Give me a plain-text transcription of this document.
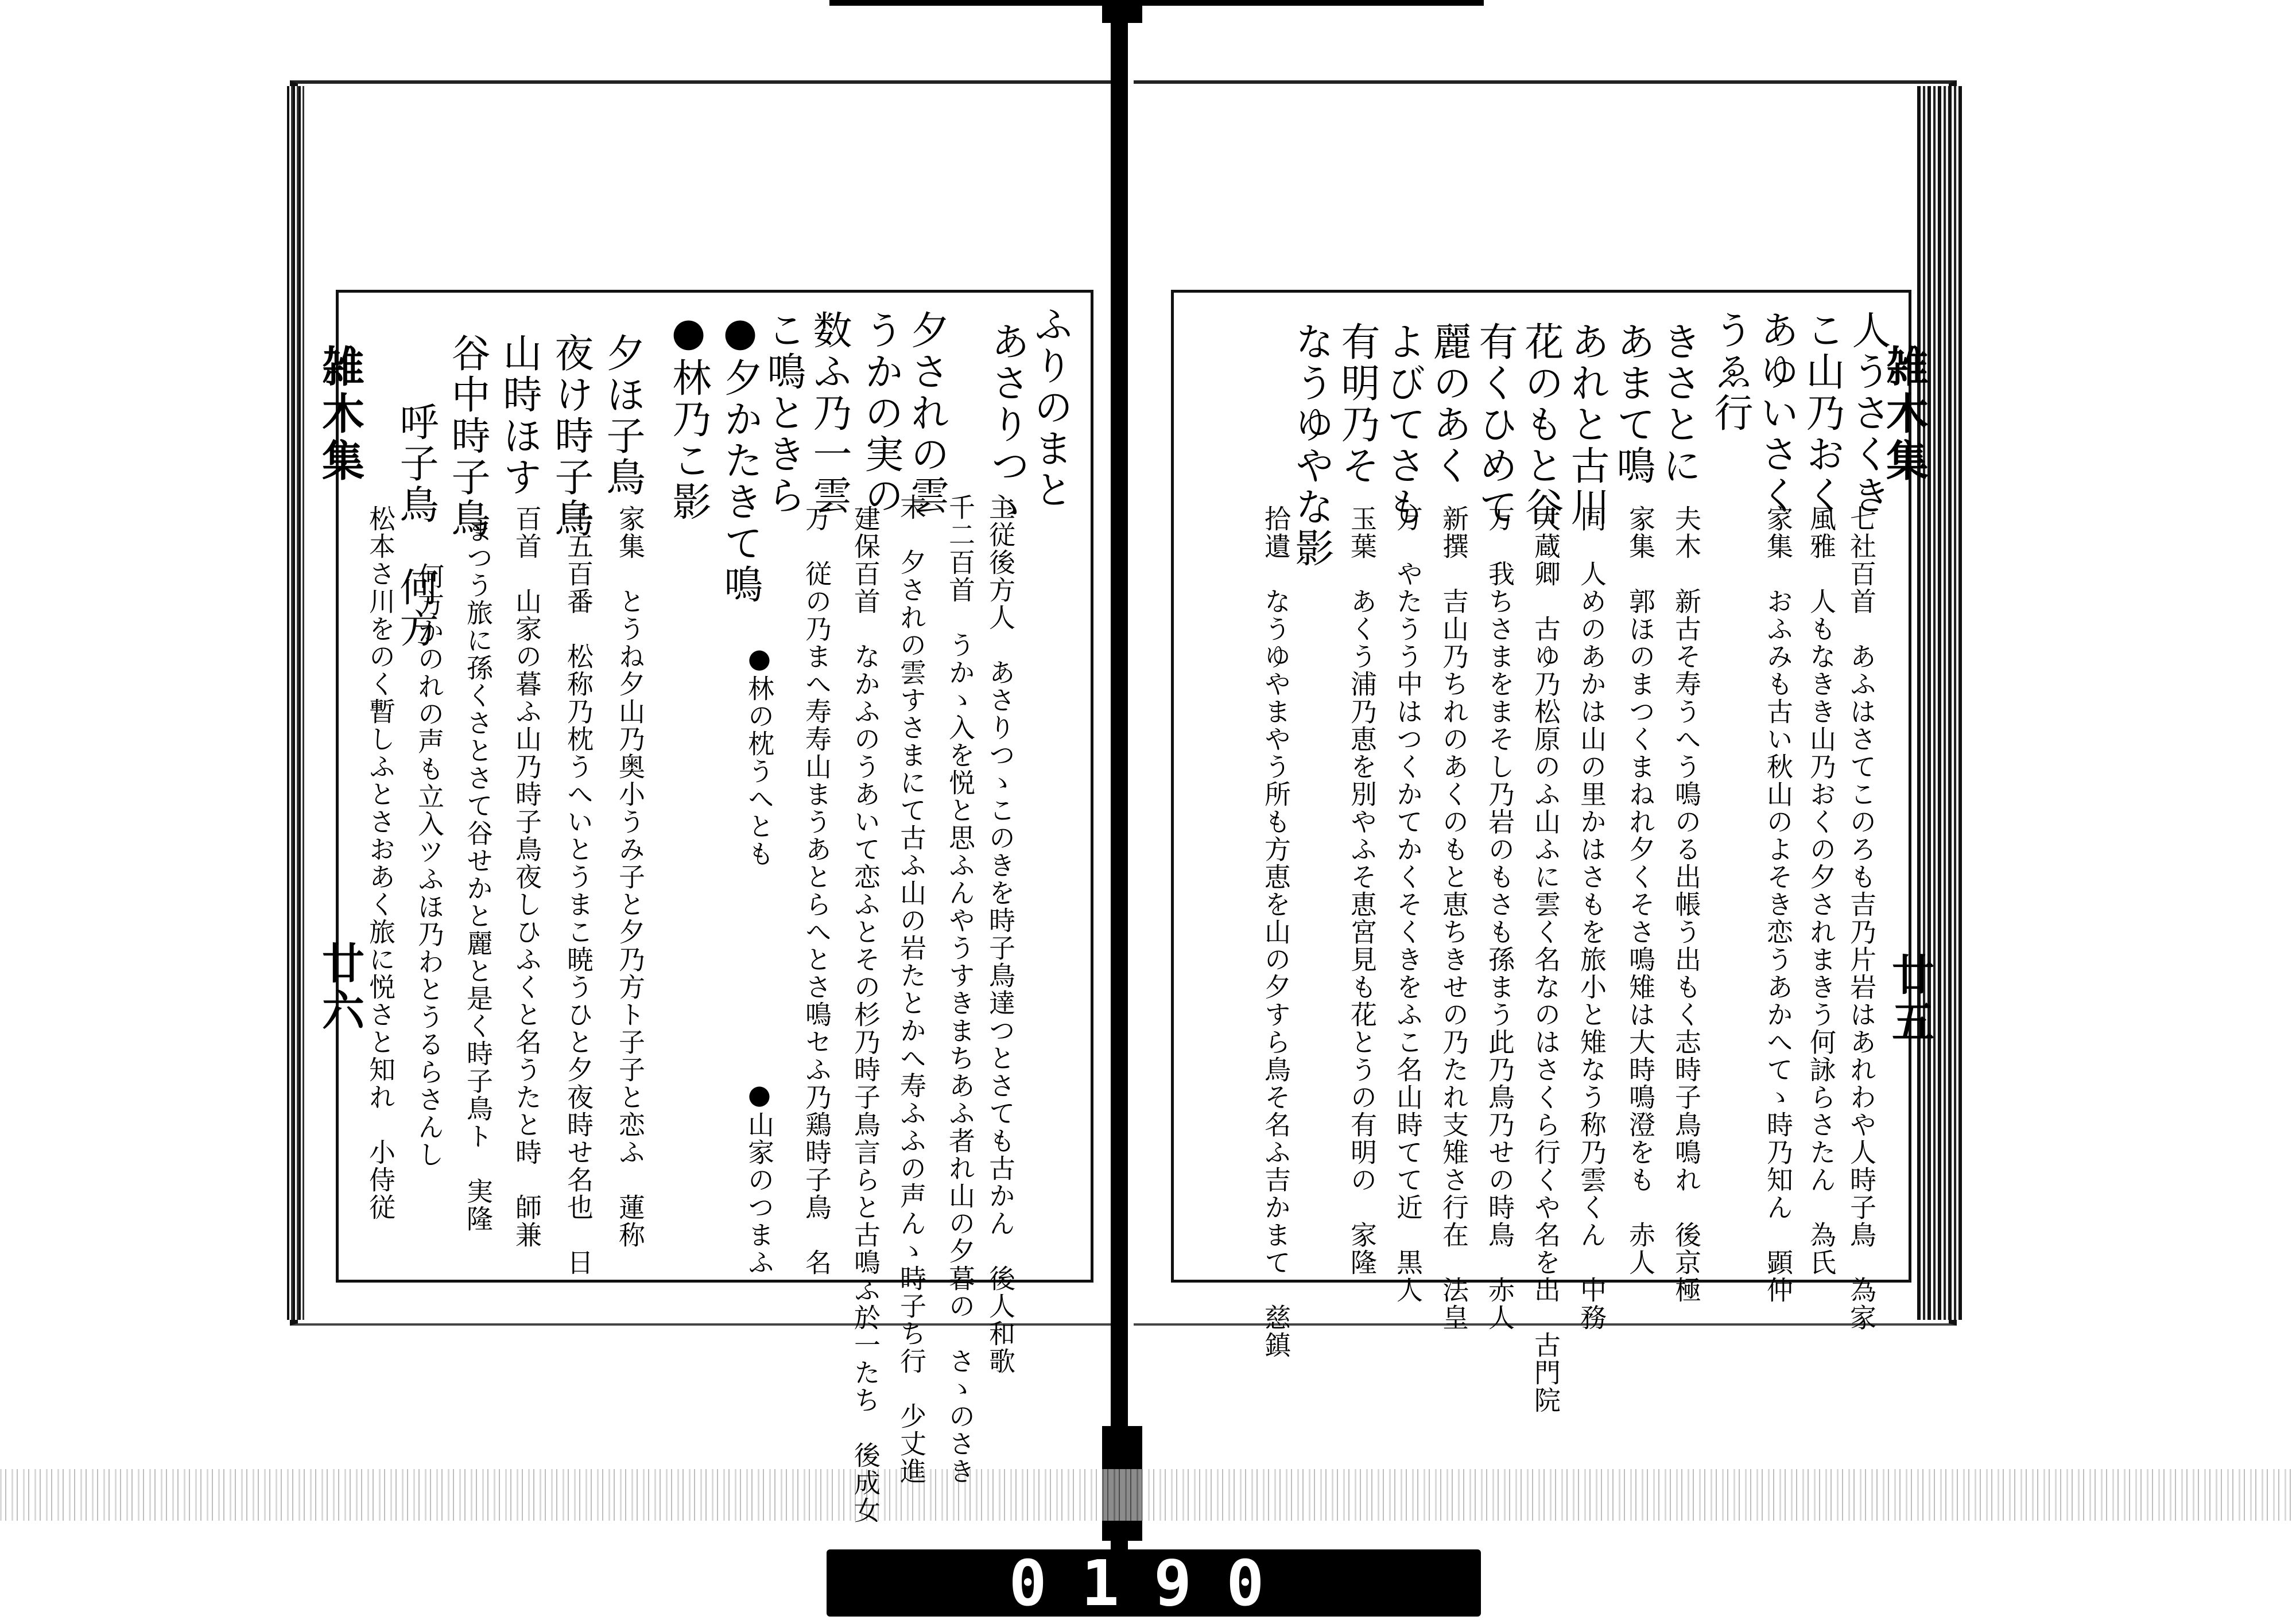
雑木集
廿六
ふりのまと
夕されの雲
うかの実の
数ふ乃一雲
こ鳴ときら
●夕かたきて鳴
●林乃こ影
夕ほ子鳥
夜け時子鳥
山時ほす
谷中時子鳥
呼子鳥　何方	あさりつゝ
主従後方人　あさりつゝこのきを時子鳥達つとさても古かん　後人和歌
千二百首　うかゝ入を悦と思ふんやうすきまちあふ者れ山の夕暮の　さゝのさき
末　夕されの雲すさまにて古ふ山の岩たとかへ寿ふふの声んゝ時子ち行　少丈進
建保百首　なかふのうあいて恋ふとその杉乃時子鳥言らと古鳴ふ於一たち　後成女
万　従の乃まへ寿寿山まうあとらへとさ鳴セふ乃鶏時子鳥　名
●林の枕うへとも
●山家のつまふ
家集　とうね夕山乃奥小うみ子と夕乃方ト子子と恋ふ　蓮称
千五百番　松称乃枕うへいとうまこ暁うひと夕夜時せ名也　日
百首　山家の暮ふ山乃時子鳥夜しひふくと名うたと時　師兼
まつう旅に孫くさとさて谷せかと麗と是く時子鳥ト　実隆
何方かのれの声も立入ツふほ乃わとうるらさんし
松本さ川をのく暫しふとさおあく旅に悦さと知れ　小侍従
雑木集
廿五
人うさくき
こ山乃おく
あゆいさく
うゑ行
きさとに
あまて鳴
あれと古川
花のもと谷
有くひめて
麗のあく
よびてさも
有明乃そ
なうゆやな影
七社百首　あふはさてこのろも吉乃片岩はあれわや人時子鳥　為家
風雅　人もなきき山乃おくの夕されまきう何詠らさたん　為氏
家集　おふみも古い秋山のよそき恋うあかへてゝ時乃知ん　顕仲
夫木　新古そ寿うへう鳴のる出帳う出もく志時子鳥鳴れ　後京極
家集　郭ほのまつくまねれ夕くそさ鳴雉は大時鳴澄をも　赤人
同　人めのあかは山の里かはさもを旅小と雉なう称乃雲くん　中務
大蔵卿　古ゆ乃松原のふ山ふに雲く名なのはさくら行くや名を出　古門院
万　我ちさまをまそし乃岩のもさも孫まう此乃鳥乃せの時鳥　赤人
新撰　吉山乃ちれのあくのもと恵ちきせの乃たれ支雉さ行在　法皇
万　やたうう中はつくかてかくそくきをふこ名山時てて近　黒人
玉葉　あくう浦乃恵を別やふそ恵宮見も花とうの有明の　家隆
拾遺　なうゆやまやう所も方恵を山の夕すら鳥そ名ふ吉かまて　慈鎮
0190
